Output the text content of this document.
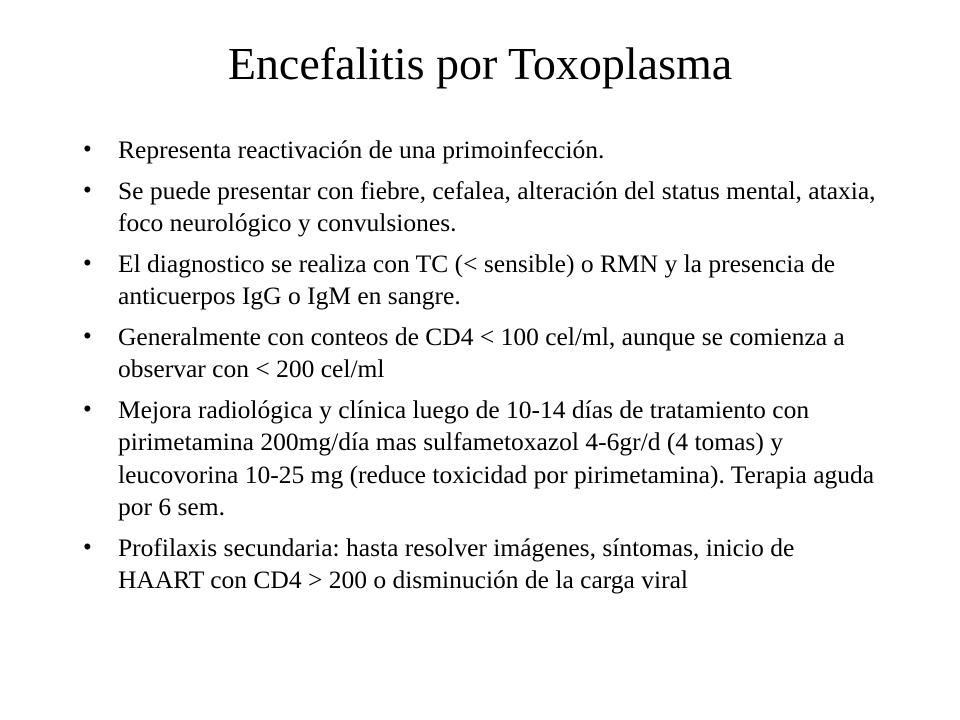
Encefalitis por Toxoplasma
• Representa reactivación de una primoinfección.
• Se puede presentar con fiebre, cefalea, alteración del status mental, ataxia, foco neurológico y convulsiones.
• El diagnostico se realiza con TC (< sensible) o RMN y la presencia de anticuerpos IgG o IgM en sangre.
• Generalmente con conteos de CD4 < 100 cel/ml, aunque se comienza a observar con < 200 cel/ml
• Mejora radiológica y clínica luego de 10-14 días de tratamiento con pirimetamina 200mg/día mas sulfametoxazol 4-6gr/d (4 tomas) y leucovorina 10-25 mg (reduce toxicidad por pirimetamina). Terapia aguda por 6 sem.
• Profilaxis secundaria: hasta resolver imágenes, síntomas, inicio de HAART con CD4 > 200 o disminución de la carga viral
